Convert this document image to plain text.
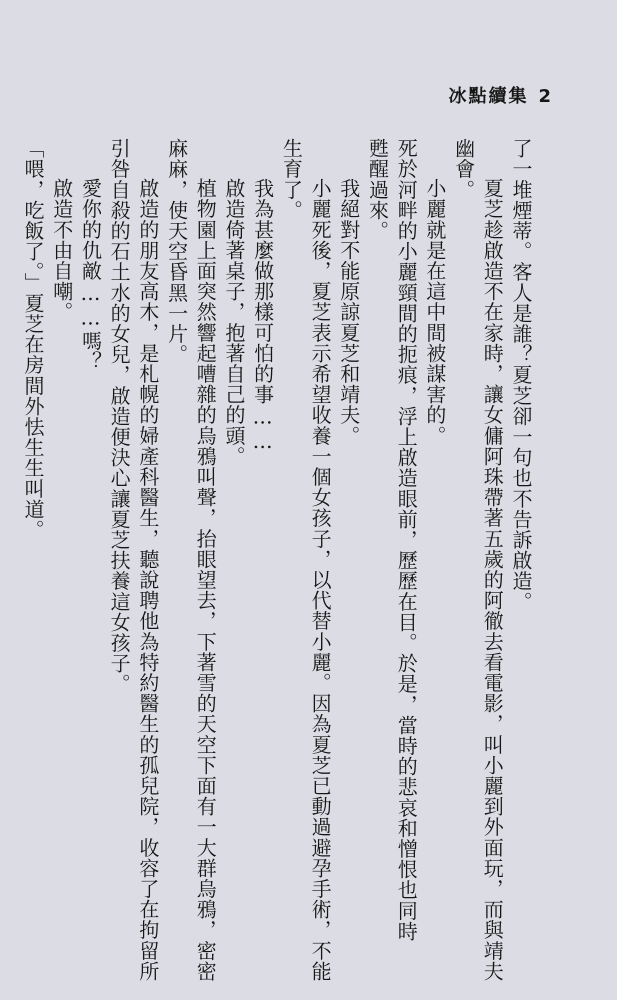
冰點續集 2
了一堆煙蒂。客人是誰？夏芝卻一句也不告訴啟造。
夏芝趁啟造不在家時，讓女傭阿珠帶著五歲的阿徹去看電影，叫小麗到外面玩，而與靖夫
幽會。
小麗就是在這中間被謀害的。
死於河畔的小麗頸間的扼痕，浮上啟造眼前，歷歷在目。於是，當時的悲哀和憎恨也同時
甦醒過來。
我絕對不能原諒夏芝和靖夫。
小麗死後，夏芝表示希望收養一個女孩子，以代替小麗。因為夏芝已動過避孕手術，不能
生育了。
我為甚麼做那樣可怕的事……
啟造倚著桌子，抱著自己的頭。
植物園上面突然響起嘈雜的烏鴉叫聲，抬眼望去，下著雪的天空下面有一大群烏鴉，密密
麻麻，使天空昏黑一片。
啟造的朋友高木，是札幌的婦產科醫生，聽說聘他為特約醫生的孤兒院，收容了在拘留所
引咎自殺的石土水的女兒，啟造便決心讓夏芝扶養這女孩子。
愛你的仇敵……嗎？
啟造不由自嘲。
「喂，吃飯了。」夏芝在房間外怯生生叫道。
